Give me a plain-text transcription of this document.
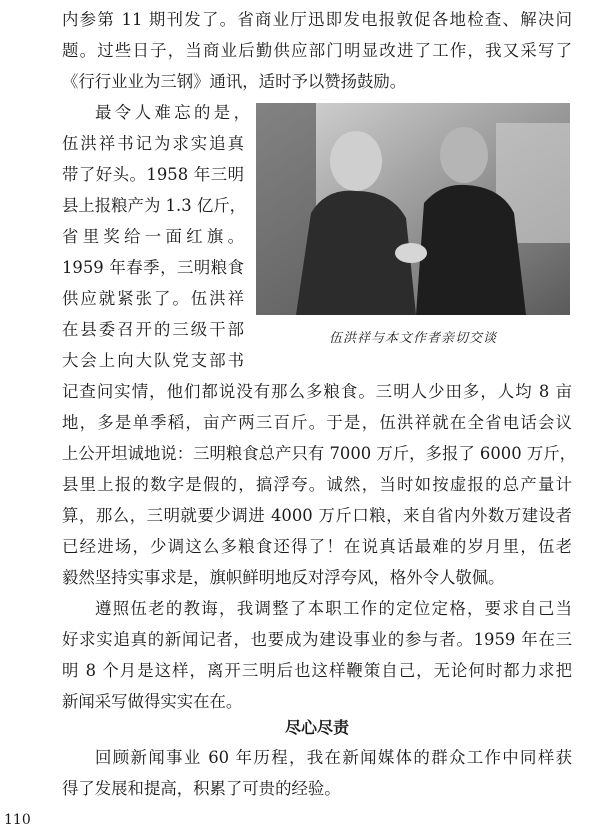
内参第 11 期刊发了。省商业厅迅即发电报敦促各地检查、解决问
题。过些日子，当商业后勤供应部门明显改进了工作，我又采写了
《行行业业为三钢》通讯，适时予以赞扬鼓励。
最令人难忘的是，
伍洪祥书记为求实追真
带了好头。1958 年三明
县上报粮产为 1.3 亿斤，
省里奖给一面红旗。
1959 年春季，三明粮食
供应就紧张了。伍洪祥
在县委召开的三级干部
大会上向大队党支部书
伍洪祥与本文作者亲切交谈
记查问实情，他们都说没有那么多粮食。三明人少田多，人均 8 亩
地，多是单季稻，亩产两三百斤。于是，伍洪祥就在全省电话会议
上公开坦诚地说：三明粮食总产只有 7000 万斤，多报了 6000 万斤，
县里上报的数字是假的，搞浮夸。诚然，当时如按虚报的总产量计
算，那么，三明就要少调进 4000 万斤口粮，来自省内外数万建设者
已经进场，少调这么多粮食还得了！在说真话最难的岁月里，伍老
毅然坚持实事求是，旗帜鲜明地反对浮夸风，格外令人敬佩。
遵照伍老的教诲，我调整了本职工作的定位定格，要求自己当
好求实追真的新闻记者，也要成为建设事业的参与者。1959 年在三
明 8 个月是这样，离开三明后也这样鞭策自己，无论何时都力求把
新闻采写做得实实在在。
尽心尽责
回顾新闻事业 60 年历程，我在新闻媒体的群众工作中同样获
得了发展和提高，积累了可贵的经验。
110
